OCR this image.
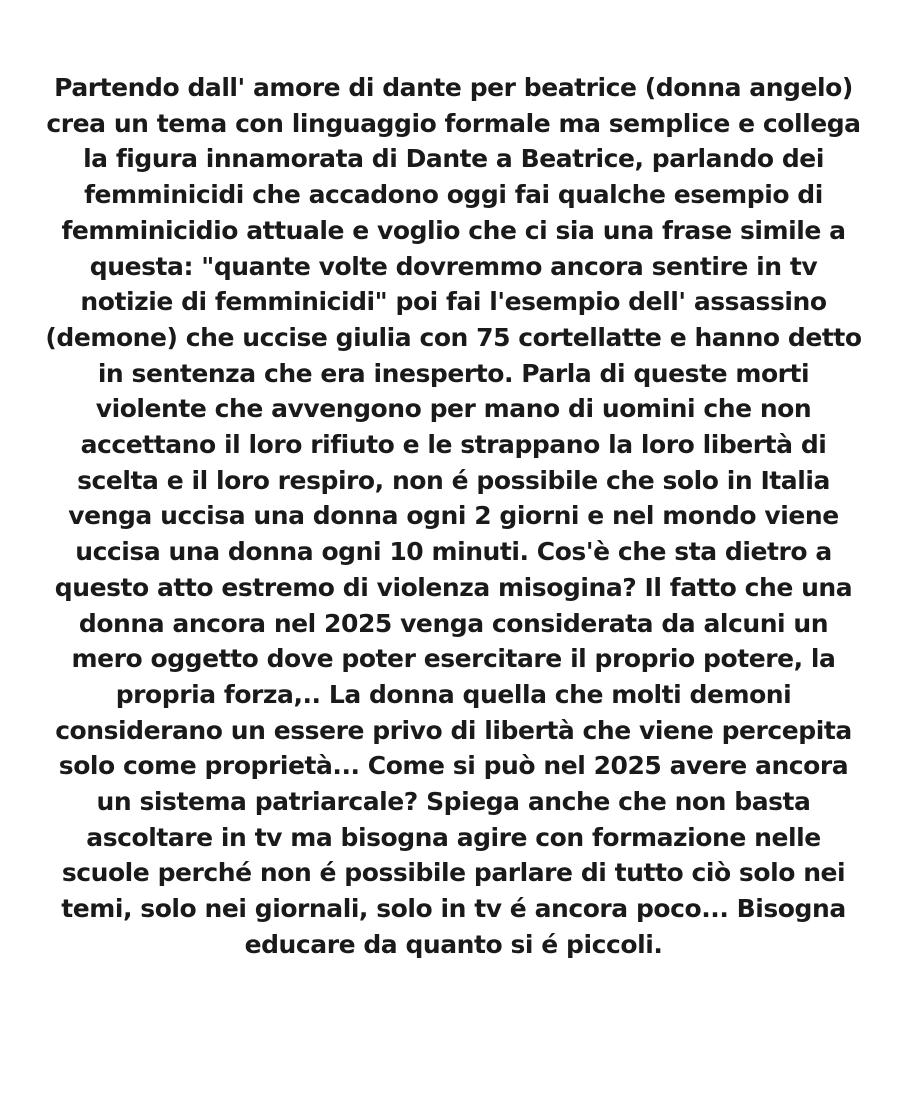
Partendo dall' amore di dante per beatrice (donna angelo)
crea un tema con linguaggio formale ma semplice e collega
la figura innamorata di Dante a Beatrice, parlando dei
femminicidi che accadono oggi fai qualche esempio di
femminicidio attuale e voglio che ci sia una frase simile a
questa: "quante volte dovremmo ancora sentire in tv
notizie di femminicidi" poi fai l'esempio dell' assassino
(demone) che uccise giulia con 75 cortellatte e hanno detto
in sentenza che era inesperto. Parla di queste morti
violente che avvengono per mano di uomini che non
accettano il loro rifiuto e le strappano la loro libertà di
scelta e il loro respiro, non é possibile che solo in Italia
venga uccisa una donna ogni 2 giorni e nel mondo viene
uccisa una donna ogni 10 minuti. Cos'è che sta dietro a
questo atto estremo di violenza misogina? Il fatto che una
donna ancora nel 2025 venga considerata da alcuni un
mero oggetto dove poter esercitare il proprio potere, la
propria forza,.. La donna quella che molti demoni
considerano un essere privo di libertà che viene percepita
solo come proprietà... Come si può nel 2025 avere ancora
un sistema patriarcale? Spiega anche che non basta
ascoltare in tv ma bisogna agire con formazione nelle
scuole perché non é possibile parlare di tutto ciò solo nei
temi, solo nei giornali, solo in tv é ancora poco... Bisogna
educare da quanto si é piccoli.
